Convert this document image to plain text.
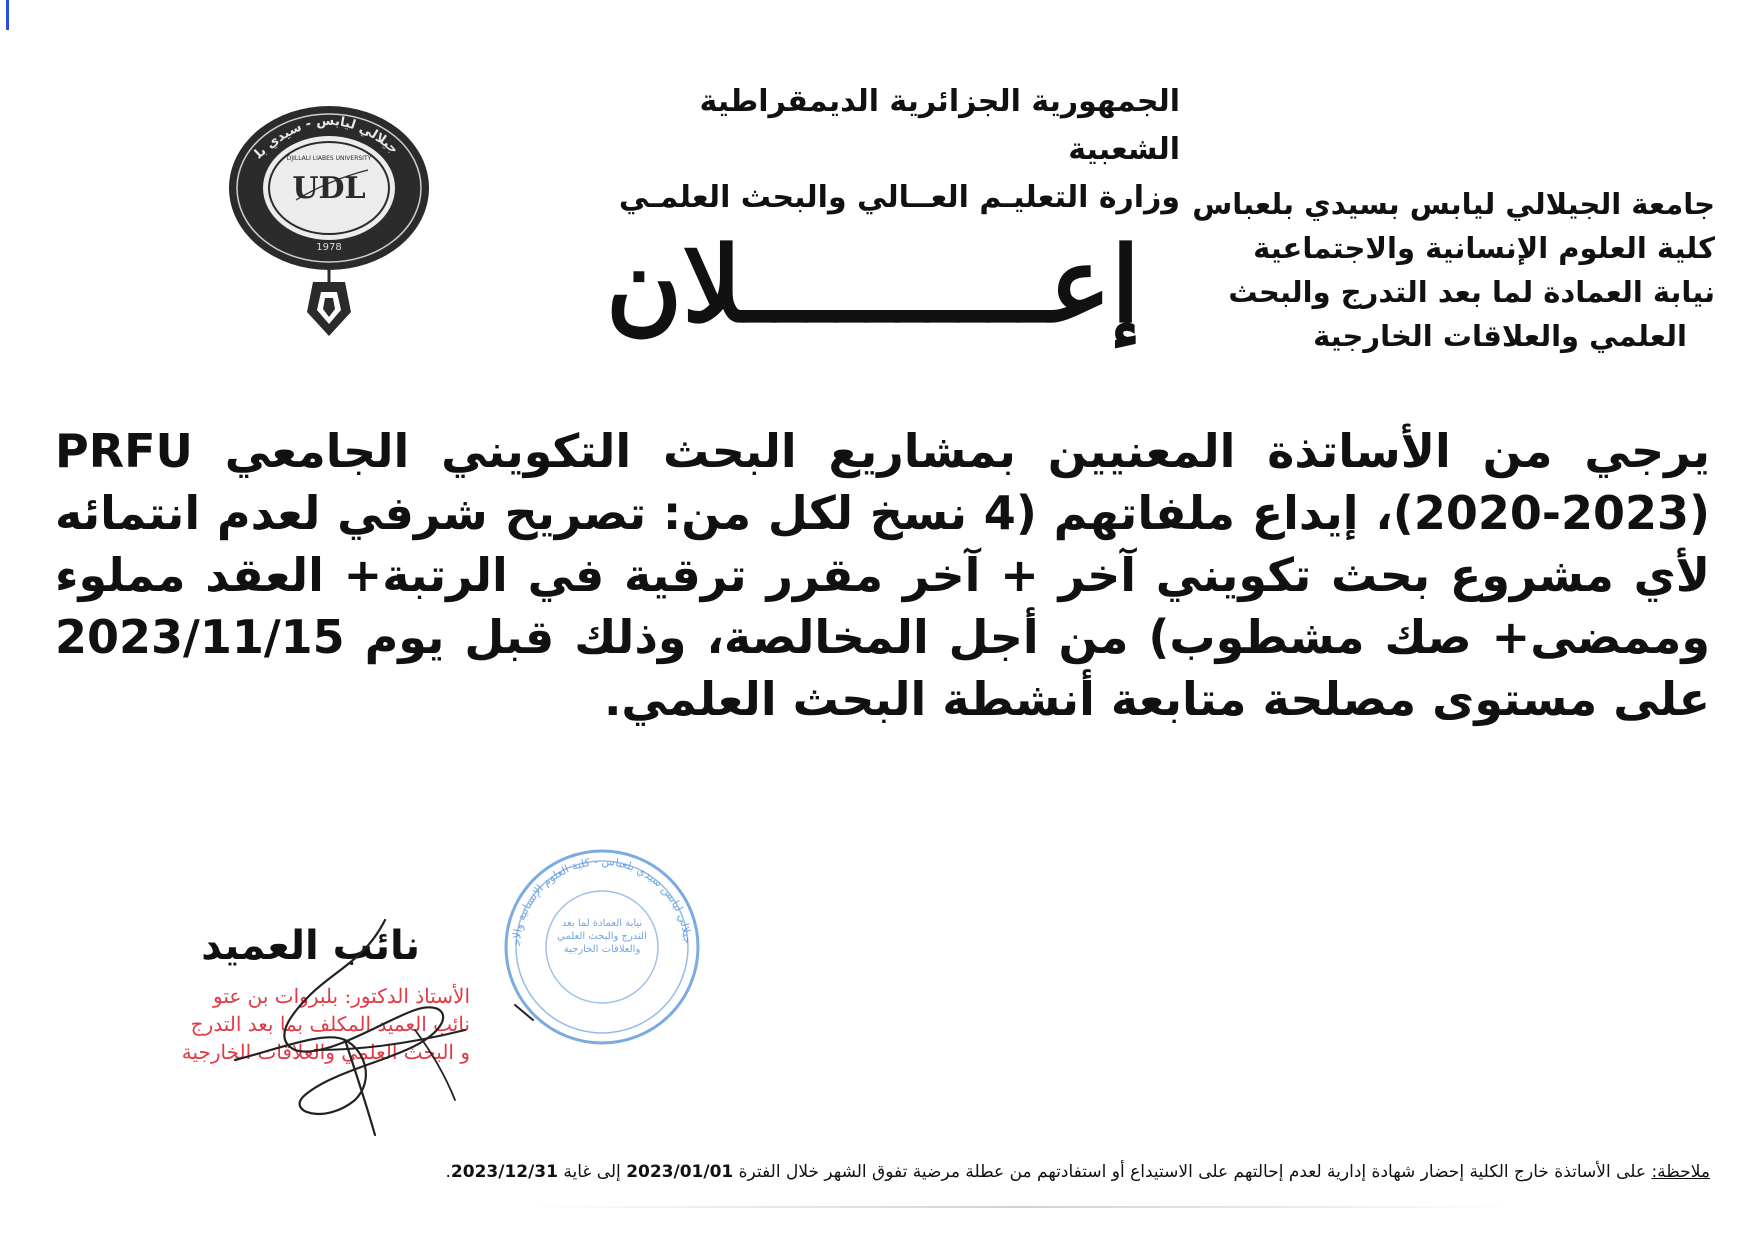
الجمهورية الجزائرية الديمقراطية الشعبية
وزارة التعليـم العــالي والبحث العلمـي جامعة الجيلالي ليابس بسيدي بلعباس
كلية العلوم الإنسانية والاجتماعية
نيابة العمادة لما بعد التدرج والبحث
العلمي والعلاقات الخارجية
إعــــــــــلان
UDL
DJILLALI LIABES UNIVERSITY
1978
جيلالي ليابس - سيدي بل
يرجي من الأساتذة المعنيين بمشاريع البحث التكويني الجامعي PRFU (2020-2023)، إيداع ملفاتهم (4 نسخ لكل من: تصريح شرفي لعدم انتمائه لأي مشروع بحث تكويني آخر + آخر مقرر ترقية في الرتبة+ العقد مملوء وممضى+ صك مشطوب) من أجل المخالصة، وذلك قبل يوم 2023/11/15 على مستوى مصلحة متابعة أنشطة البحث العلمي.
جيلالي ليابس سيدي بلعباس - كلية العلوم الإنسانية والاج
نيابة العمادة لما بعد التدرج والبحث العلمي والعلاقات الخارجية
نائب العميد
الأستاذ الدكتور: بلبروات بن عتو
نائب العميد المكلف بما بعد التدرج
و البحث العلمي والعلاقات الخارجية
ملاحظة: على الأساتذة خارج الكلية إحضار شهادة إدارية لعدم إحالتهم على الاستيداع أو استفادتهم من عطلة مرضية تفوق الشهر خلال الفترة 2023/01/01 إلى غاية 2023/12/31.
